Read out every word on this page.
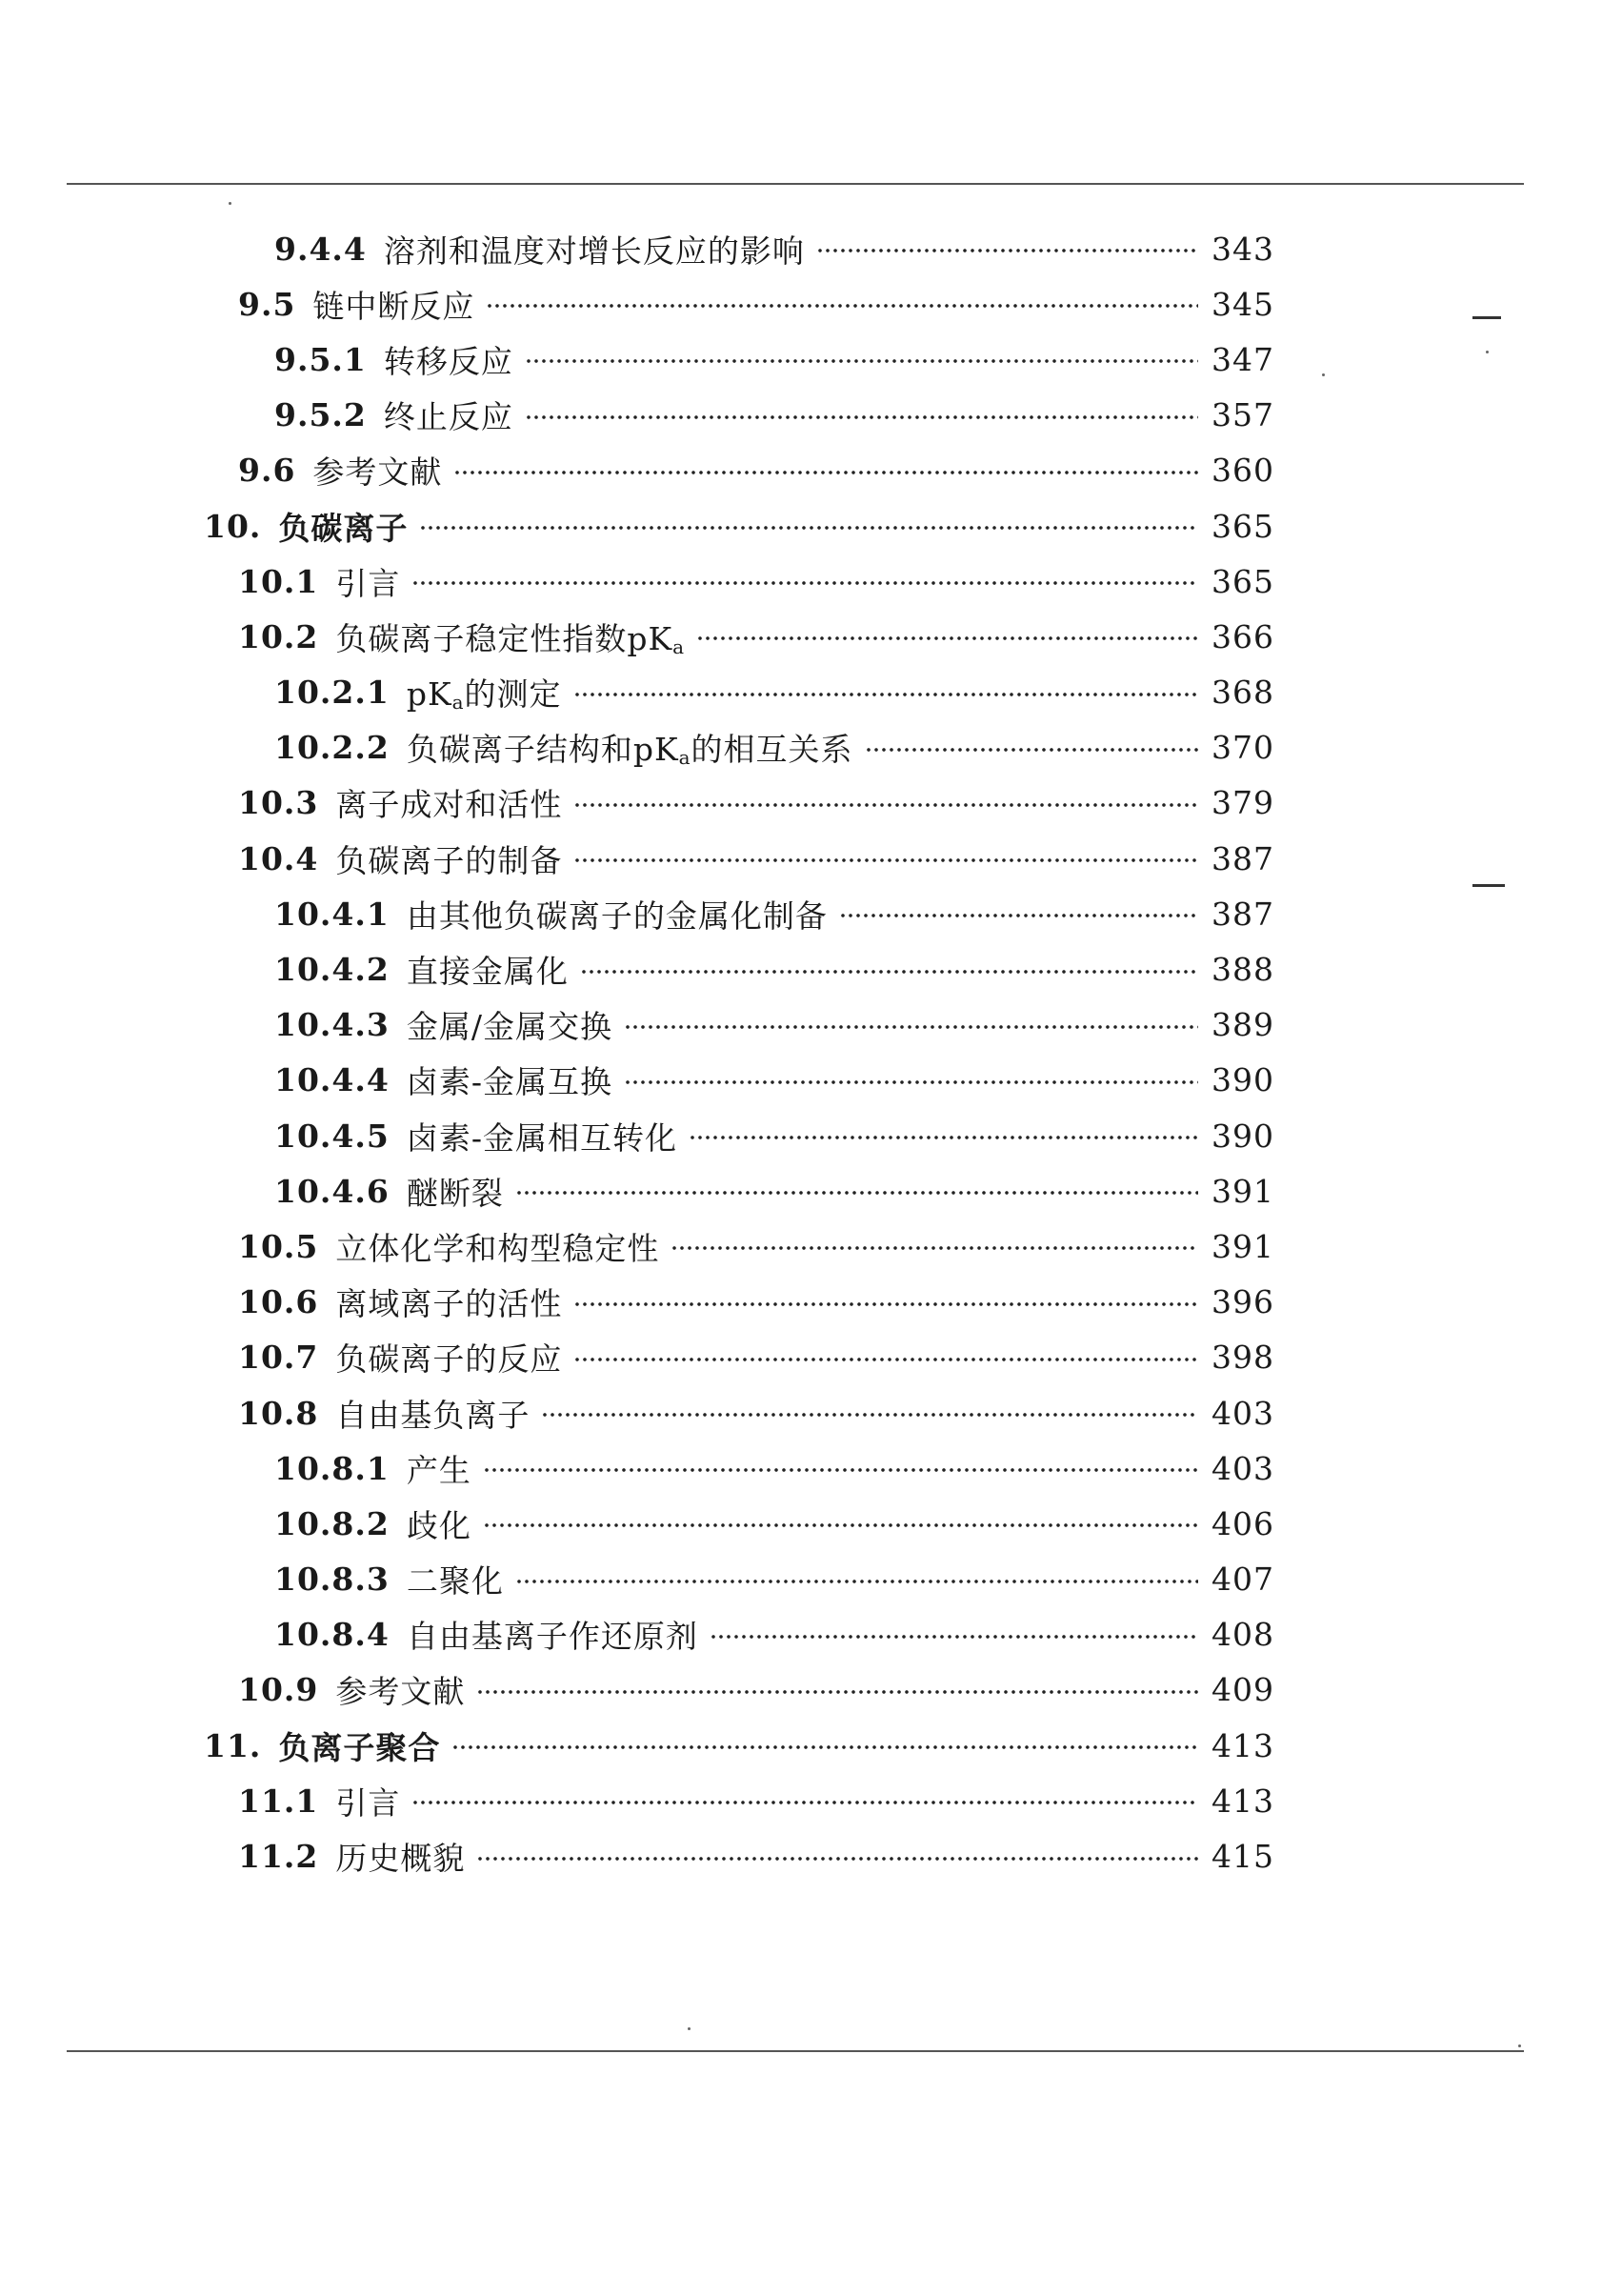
9.4.4 溶剂和温度对增长反应的影响	343
9.5 链中断反应	345
9.5.1 转移反应	347
9.5.2 终止反应	357
9.6 参考文献	360
10. 负碳离子	365
10.1 引言	365
10.2 负碳离子稳定性指数$pK_a$	366
10.2.1 $pK_a$的测定	368
10.2.2 负碳离子结构和$pK_a$的相互关系	370
10.3 离子成对和活性	379
10.4 负碳离子的制备	387
10.4.1 由其他负碳离子的金属化制备	387
10.4.2 直接金属化	388
10.4.3 金属/金属交换	389
10.4.4 卤素-金属互换	390
10.4.5 卤素-金属相互转化	390
10.4.6 醚断裂	391
10.5 立体化学和构型稳定性	391
10.6 离域离子的活性	396
10.7 负碳离子的反应	398
10.8 自由基负离子	403
10.8.1 产生	403
10.8.2 歧化	406
10.8.3 二聚化	407
10.8.4 自由基离子作还原剂	408
10.9 参考文献	409
11. 负离子聚合	413
11.1 引言	413
11.2 历史概貌	415
